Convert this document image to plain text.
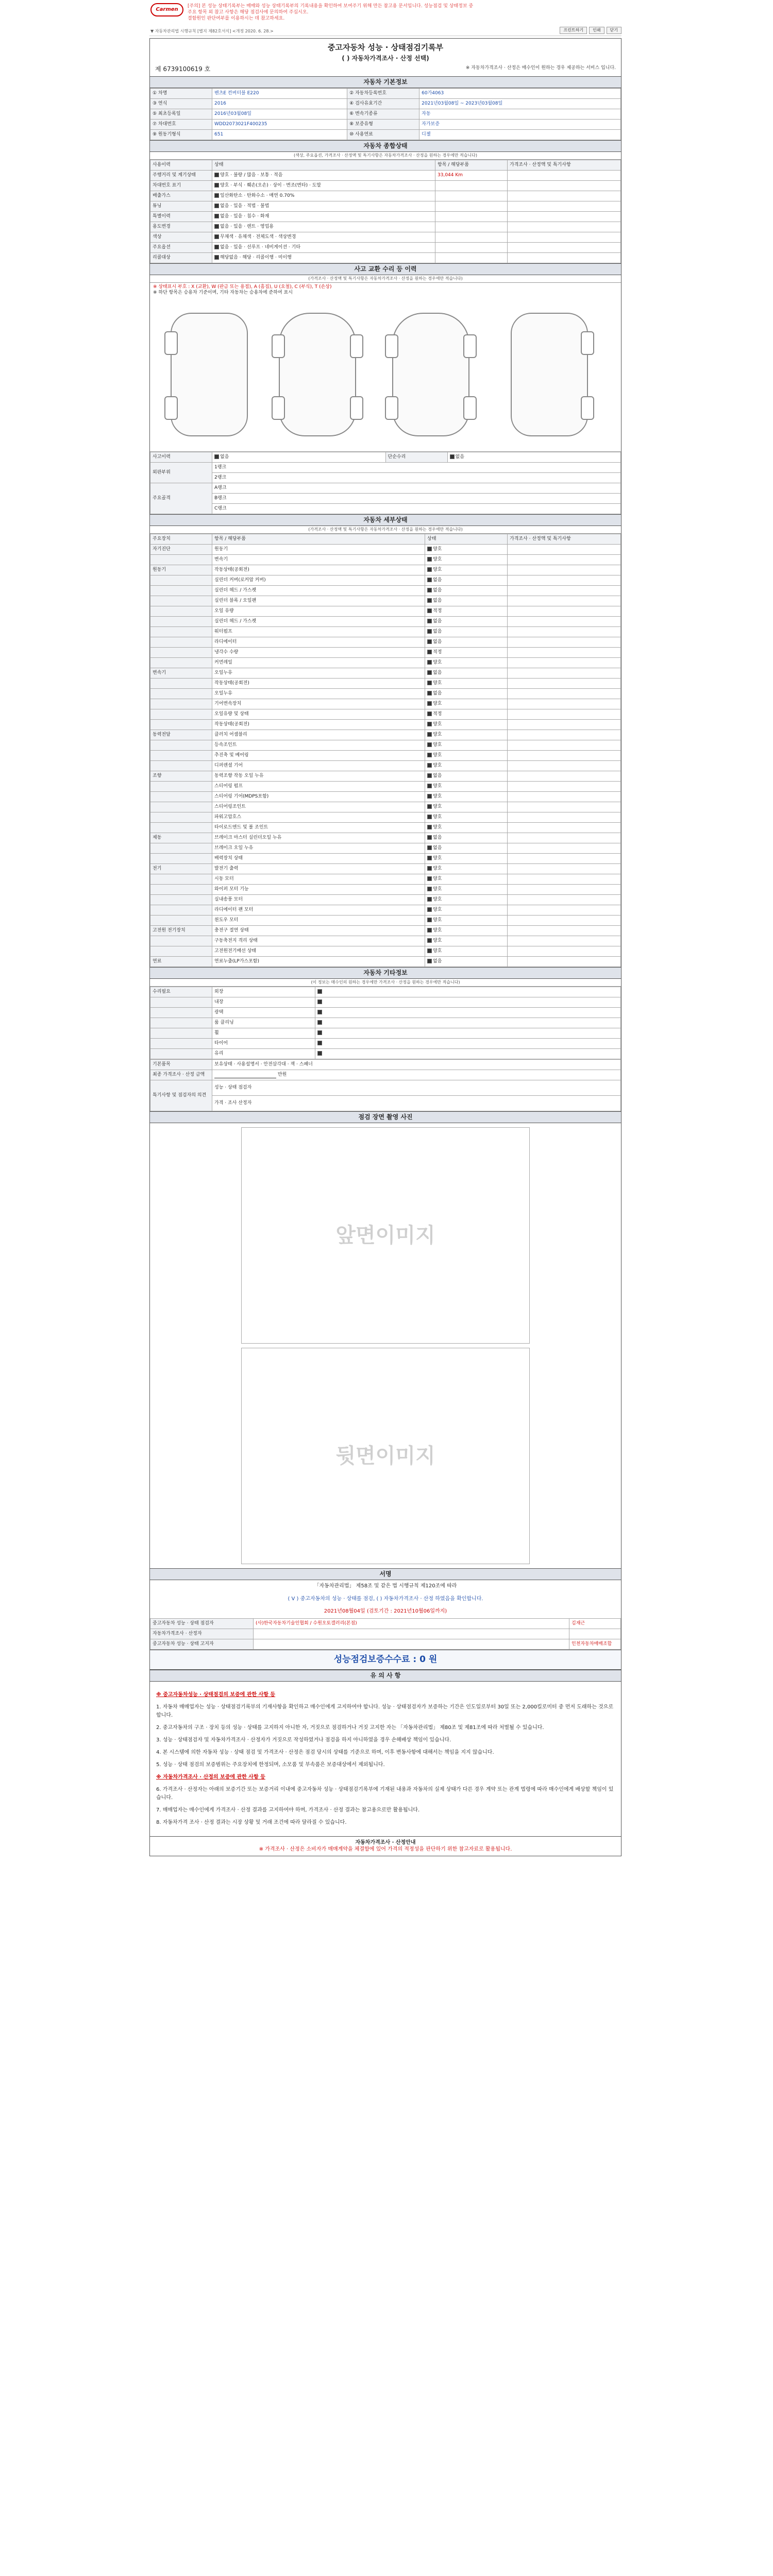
Carmen
[주의] 본 성능 상태기록부는 매매와 성능 상태기록부의 기록내용을 확인하여 보여주기 위해 만든 참고용 문서입니다. 성능점검 및 상태정보 중 주요 항목 외 참고 사항은 해당 점검사에 문의하여 주십시오.
결함원인 판단여부를 이용하시는 데 참고하세요.
▼ 자동차관리법 시행규칙 [별지 제82호서식] <개정 2020. 6. 28.>	프린트하기	인쇄	닫기
중고자동차 성능 · 상태점검기록부
( ) 자동차가격조사 · 산정 선택)
제 6739100619 호	※ 자동차가격조사 · 산정은 매수인이 원하는 경우 제공하는 서비스 입니다.
자동차 기본정보
① 차명	벤츠E 컨버터블 E220	② 자동차등록번호	60가4063
③ 연식	2016	④ 검사유효기간	2021년03월08일 ~ 2023년03월08일
⑤ 최초등록일	2016년03월08일	⑥ 변속기종류	자동
⑦ 차대번호	WDD2073021F400235	⑧ 보증유형	자가보증
⑨ 원동기형식	651	⑩ 사용연료	디젤
자동차 종합상태
(색상, 주요옵션, 가격조사 · 산정액 및 특기사항은 자동차가격조사 · 산정을 원하는 경우에만 적습니다)
사용이력	상태	항목 / 해당부품	가격조사 · 산정액 및 특기사항
주행거리 및 계기상태	양호 · 불량 / 많음 · 보통 · 적음	33,044 Km	
차대번호 표기	양호 · 부식 · 훼손(오손) · 상이 · 변조(변타) · 도말		
배출가스	일산화탄소 · 탄화수소 · 매연 0.70%		
튜닝	없음 · 있음 · 적법 · 불법		
특별이력	없음 · 있음 · 침수 · 화재		
용도변경	없음 · 있음 · 렌트 · 영업용		
색상	무채색 · 유채색 · 전체도색 · 색상변경		
주요옵션	없음 · 있음 · 선루프 · 네비게이션 · 기타		
리콜대상	해당없음 · 해당 · 리콜이행 · 미이행		
사고 교환 수리 등 이력
(가격조사 · 산정액 및 특기사항은 자동차가격조사 · 산정을 원하는 경우에만 적습니다)
※ 상태표시 부호 : X (교환), W (판금 또는 용접), A (흠집), U (요철), C (부식), T (손상)
※ 하단 항목은 승용차 기준이며, 기타 자동차는 승용차에 준하여 표시
사고이력	없음	단순수리	없음
외판부위	1랭크		
	2랭크		
주요골격	A랭크		
	B랭크		
	C랭크		
자동차 세부상태
(가격조사 · 산정액 및 특기사항은 자동차가격조사 · 산정을 원하는 경우에만 적습니다)
주요장치	항목 / 해당부품	상태	가격조사 · 산정액 및 특기사항
자기진단	원동기	양호	
	변속기	양호	
원동기	작동상태(공회전)	양호	
	실린더 커버(로커암 커버)	없음	
	실린더 헤드 / 가스켓	없음	
	실린더 블록 / 오일팬	없음	
	오일 유량	적정	
	실린더 헤드 / 가스켓	없음	
	워터펌프	없음	
	라디에이터	없음	
	냉각수 수량	적정	
	커먼레일	양호	
변속기	오일누유	없음	
	작동상태(공회전)	양호	
	오일누유	없음	
	기어변속장치	양호	
	오일유량 및 상태	적정	
	작동상태(공회전)	양호	
동력전달	클러치 어셈블리	양호	
	등속조인트	양호	
	추진축 및 베어링	양호	
	디퍼렌셜 기어	양호	
조향	동력조향 작동 오일 누유	없음	
	스티어링 펌프	양호	
	스티어링 기어(MDPS포함)	양호	
	스티어링조인트	양호	
	파워고압호스	양호	
	타이로드엔드 및 볼 조인트	양호	
제동	브레이크 마스터 실린더오일 누유	없음	
	브레이크 오일 누유	없음	
	배력장치 상태	양호	
전기	발전기 출력	양호	
	시동 모터	양호	
	와이퍼 모터 기능	양호	
	실내송풍 모터	양호	
	라디에이터 팬 모터	양호	
	윈도우 모터	양호	
고전원 전기장치	충전구 절연 상태	양호	
	구동축전지 격리 상태	양호	
	고전원전기배선 상태	양호	
연료	연료누출(LP가스포함)	없음	
자동차 기타정보
(이 정보는 매수인의 원하는 경우에만 가격조사 · 산정을 원하는 경우에만 적습니다)
수리필요	외장	
	내장	
	광택	
	룸 클리닝	
	휠	
	타이어	
	유리	
기본품목	보유상태 · 사용설명서 · 안전삼각대 · 잭 · 스패너
최종 가격조사 · 산정 금액	만원
특기사항 및 점검자의 의견	성능 · 상태 점검자
	가격 · 조사 산정자
점검 장면 촬영 사진
앞면이미지
뒷면이미지
서명
「자동차관리법」 제58조 및 같은 법 시행규칙 제120조에 따라
( V ) 중고자동차의 성능 · 상태를 점검, ( ) 자동차가격조사 · 산정 하였음을 확인합니다.
2021년08월04일 (검토기간 : 2021년10월06일까지)
중고자동차 성능 · 상태 점검자	(사)한국자동차기술인협회 / 수원오토갤러리(본점)	김재근
자동차가격조사 · 산정자		
중고자동차 성능 · 상태 고지자		인천자동차매매조합
성능점검보증수수료 : 0 원
유 의 사 항
※ 중고자동차성능 · 상태점검의 보증에 관한 사항 등

1. 자동차 매매업자는 성능 · 상태점검기록부의 기재사항을 확인하고 매수인에게 고지하여야 합니다. 성능 · 상태점검자가 보증하는 기간은 인도일로부터 30일 또는 2,000킬로미터 중 먼저 도래하는 것으로 합니다.

2. 중고자동차의 구조 · 장치 등의 성능 · 상태를 고지하지 아니한 자, 거짓으로 점검하거나 거짓 고지한 자는 「자동차관리법」 제80조 및 제81조에 따라 처벌될 수 있습니다.

3. 성능 · 상태점검자 및 자동차가격조사 · 산정자가 거짓으로 작성하였거나 점검을 하지 아니하였을 경우 손해배상 책임이 있습니다.

4. 본 시스템에 의한 자동차 성능 · 상태 점검 및 가격조사 · 산정은 점검 당시의 상태를 기준으로 하며, 이후 변동사항에 대해서는 책임을 지지 않습니다.

5. 성능 · 상태 점검의 보증범위는 주요장치에 한정되며, 소모품 및 부속품은 보증대상에서 제외됩니다.

※ 자동차가격조사 · 산정의 보증에 관한 사항 등

6. 가격조사 · 산정자는 아래의 보증기간 또는 보증거리 이내에 중고자동차 성능 · 상태점검기록부에 기재된 내용과 자동차의 실제 상태가 다른 경우 계약 또는 관계 법령에 따라 매수인에게 배상할 책임이 있습니다.

7. 매매업자는 매수인에게 가격조사 · 산정 결과를 고지하여야 하며, 가격조사 · 산정 결과는 참고용으로만 활용됩니다.

8. 자동차가격 조사 · 산정 결과는 시장 상황 및 거래 조건에 따라 달라질 수 있습니다.

자동차가격조사 · 산정안내
※ 가격조사 · 산정은 소비자가 매매계약을 체결함에 있어 가격의 적정성을 판단하기 위한 참고자료로 활용됩니다.
